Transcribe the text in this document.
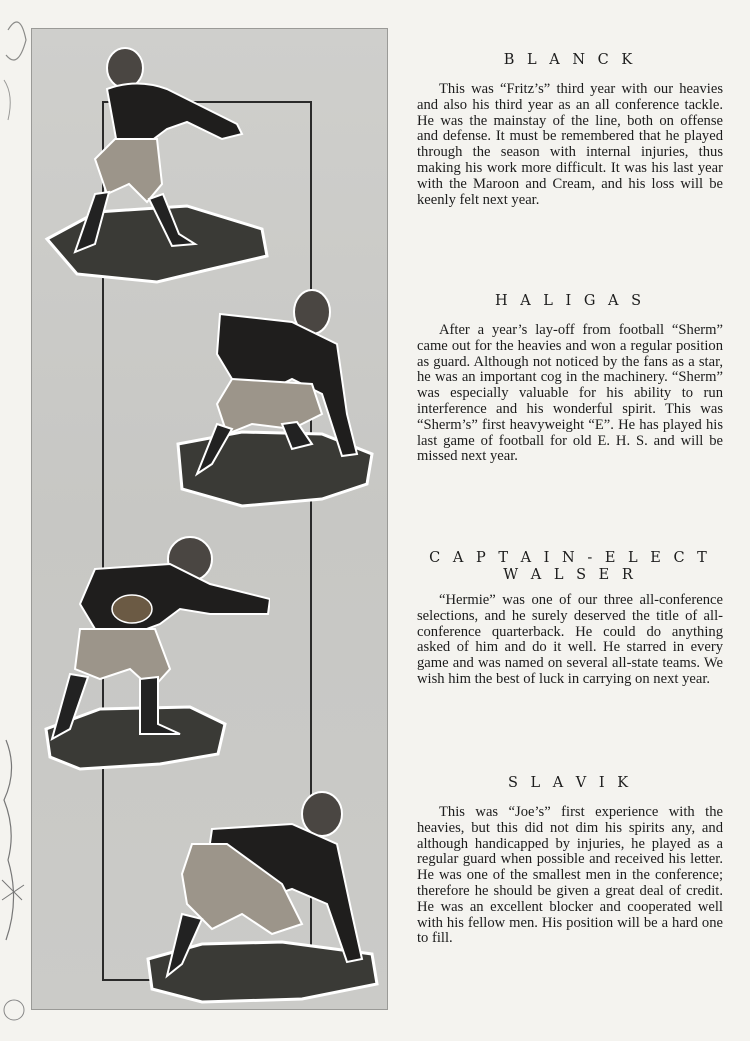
B L A N C K

This was “Fritz’s” third year with our heavies and also his third year as an all conference tackle. He was the mainstay of the line, both on offense and defense. It must be remembered that he played through the season with internal injuries, thus making his work more difficult. It was his last year with the Maroon and Cream, and his loss will be keenly felt next year.

H A L I G A S

After a year’s lay-off from football “Sherm” came out for the heavies and won a regular position as guard. Although not noticed by the fans as a star, he was an important cog in the machinery. “Sherm” was especially valuable for his ability to run interference and his wonderful spirit. This was “Sherm’s” first heavyweight “E”. He has played his last game of football for old E. H. S. and will be missed next year.

C A P T A I N - E L E C T
W A L S E R

“Hermie” was one of our three all-conference selections, and he surely deserved the title of all-conference quarterback. He could do anything asked of him and do it well. He starred in every game and was named on several all-state teams. We wish him the best of luck in carrying on next year.

S L A V I K

This was “Joe’s” first experience with the heavies, but this did not dim his spirits any, and although handicapped by injuries, he played as a regular guard when possible and received his letter. He was one of the smallest men in the conference; therefore he should be given a great deal of credit. He was an excellent blocker and cooperated well with his fellow men. His position will be a hard one to fill.
